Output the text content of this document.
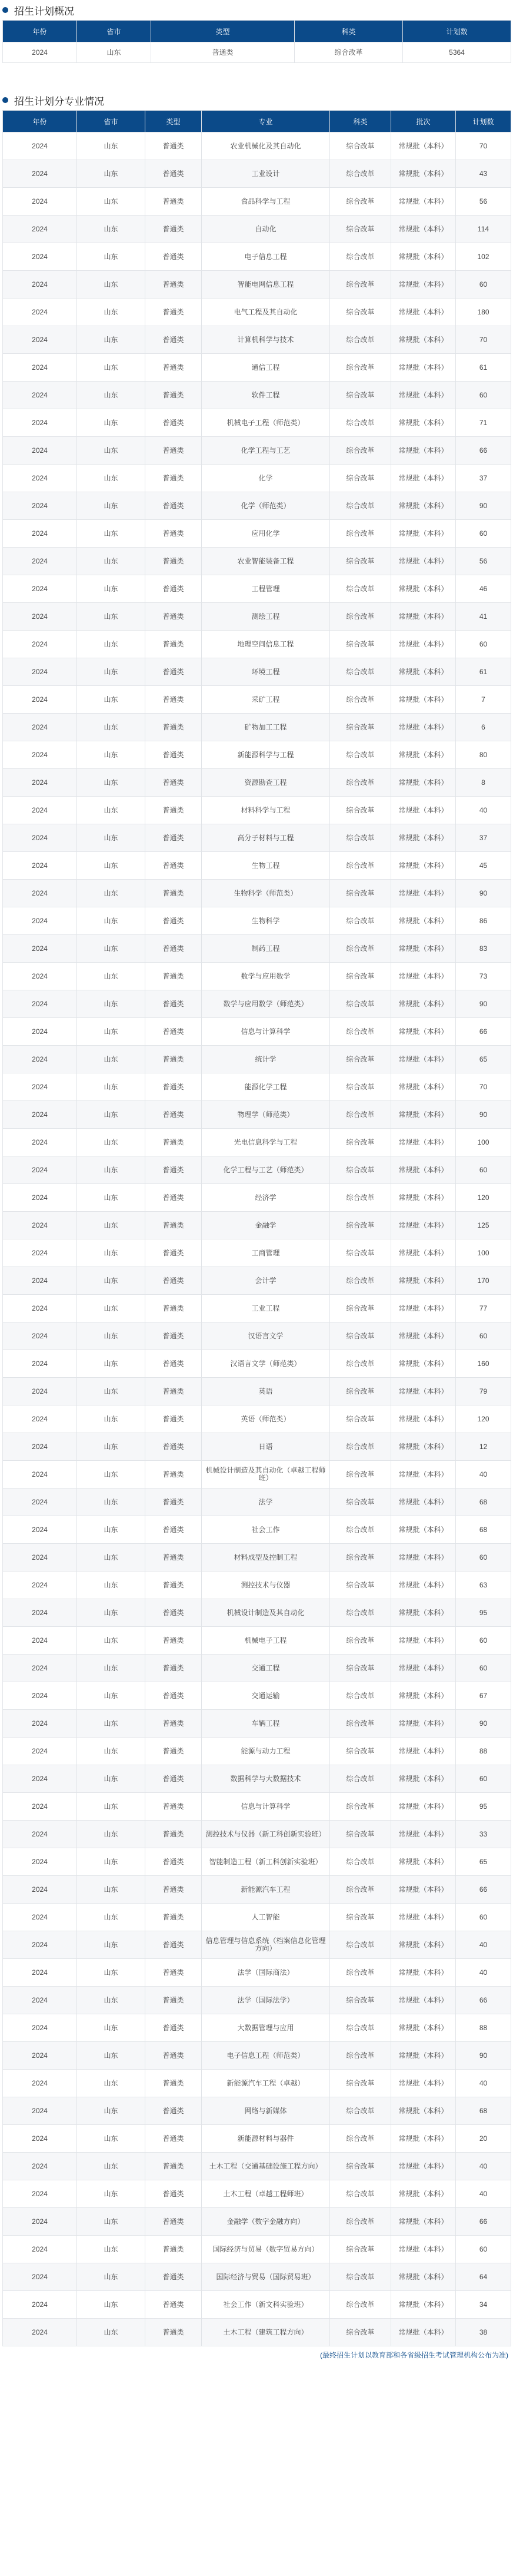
招生计划概况
年份	省市	类型	科类	计划数
2024	山东	普通类	综合改革	5364
招生计划分专业情况
年份	省市	类型	专业	科类	批次	计划数
2024	山东	普通类	农业机械化及其自动化	综合改革	常规批（本科）	70
2024	山东	普通类	工业设计	综合改革	常规批（本科）	43
2024	山东	普通类	食品科学与工程	综合改革	常规批（本科）	56
2024	山东	普通类	自动化	综合改革	常规批（本科）	114
2024	山东	普通类	电子信息工程	综合改革	常规批（本科）	102
2024	山东	普通类	智能电网信息工程	综合改革	常规批（本科）	60
2024	山东	普通类	电气工程及其自动化	综合改革	常规批（本科）	180
2024	山东	普通类	计算机科学与技术	综合改革	常规批（本科）	70
2024	山东	普通类	通信工程	综合改革	常规批（本科）	61
2024	山东	普通类	软件工程	综合改革	常规批（本科）	60
2024	山东	普通类	机械电子工程（师范类）	综合改革	常规批（本科）	71
2024	山东	普通类	化学工程与工艺	综合改革	常规批（本科）	66
2024	山东	普通类	化学	综合改革	常规批（本科）	37
2024	山东	普通类	化学（师范类）	综合改革	常规批（本科）	90
2024	山东	普通类	应用化学	综合改革	常规批（本科）	60
2024	山东	普通类	农业智能装备工程	综合改革	常规批（本科）	56
2024	山东	普通类	工程管理	综合改革	常规批（本科）	46
2024	山东	普通类	测绘工程	综合改革	常规批（本科）	41
2024	山东	普通类	地理空间信息工程	综合改革	常规批（本科）	60
2024	山东	普通类	环境工程	综合改革	常规批（本科）	61
2024	山东	普通类	采矿工程	综合改革	常规批（本科）	7
2024	山东	普通类	矿物加工工程	综合改革	常规批（本科）	6
2024	山东	普通类	新能源科学与工程	综合改革	常规批（本科）	80
2024	山东	普通类	资源勘查工程	综合改革	常规批（本科）	8
2024	山东	普通类	材料科学与工程	综合改革	常规批（本科）	40
2024	山东	普通类	高分子材料与工程	综合改革	常规批（本科）	37
2024	山东	普通类	生物工程	综合改革	常规批（本科）	45
2024	山东	普通类	生物科学（师范类）	综合改革	常规批（本科）	90
2024	山东	普通类	生物科学	综合改革	常规批（本科）	86
2024	山东	普通类	制药工程	综合改革	常规批（本科）	83
2024	山东	普通类	数学与应用数学	综合改革	常规批（本科）	73
2024	山东	普通类	数学与应用数学（师范类）	综合改革	常规批（本科）	90
2024	山东	普通类	信息与计算科学	综合改革	常规批（本科）	66
2024	山东	普通类	统计学	综合改革	常规批（本科）	65
2024	山东	普通类	能源化学工程	综合改革	常规批（本科）	70
2024	山东	普通类	物理学（师范类）	综合改革	常规批（本科）	90
2024	山东	普通类	光电信息科学与工程	综合改革	常规批（本科）	100
2024	山东	普通类	化学工程与工艺（师范类）	综合改革	常规批（本科）	60
2024	山东	普通类	经济学	综合改革	常规批（本科）	120
2024	山东	普通类	金融学	综合改革	常规批（本科）	125
2024	山东	普通类	工商管理	综合改革	常规批（本科）	100
2024	山东	普通类	会计学	综合改革	常规批（本科）	170
2024	山东	普通类	工业工程	综合改革	常规批（本科）	77
2024	山东	普通类	汉语言文学	综合改革	常规批（本科）	60
2024	山东	普通类	汉语言文学（师范类）	综合改革	常规批（本科）	160
2024	山东	普通类	英语	综合改革	常规批（本科）	79
2024	山东	普通类	英语（师范类）	综合改革	常规批（本科）	120
2024	山东	普通类	日语	综合改革	常规批（本科）	12
2024	山东	普通类	机械设计制造及其自动化（卓越工程师班）	综合改革	常规批（本科）	40
2024	山东	普通类	法学	综合改革	常规批（本科）	68
2024	山东	普通类	社会工作	综合改革	常规批（本科）	68
2024	山东	普通类	材料成型及控制工程	综合改革	常规批（本科）	60
2024	山东	普通类	测控技术与仪器	综合改革	常规批（本科）	63
2024	山东	普通类	机械设计制造及其自动化	综合改革	常规批（本科）	95
2024	山东	普通类	机械电子工程	综合改革	常规批（本科）	60
2024	山东	普通类	交通工程	综合改革	常规批（本科）	60
2024	山东	普通类	交通运输	综合改革	常规批（本科）	67
2024	山东	普通类	车辆工程	综合改革	常规批（本科）	90
2024	山东	普通类	能源与动力工程	综合改革	常规批（本科）	88
2024	山东	普通类	数据科学与大数据技术	综合改革	常规批（本科）	60
2024	山东	普通类	信息与计算科学	综合改革	常规批（本科）	95
2024	山东	普通类	测控技术与仪器（新工科创新实验班）	综合改革	常规批（本科）	33
2024	山东	普通类	智能制造工程（新工科创新实验班）	综合改革	常规批（本科）	65
2024	山东	普通类	新能源汽车工程	综合改革	常规批（本科）	66
2024	山东	普通类	人工智能	综合改革	常规批（本科）	60
2024	山东	普通类	信息管理与信息系统（档案信息化管理方向）	综合改革	常规批（本科）	40
2024	山东	普通类	法学（国际商法）	综合改革	常规批（本科）	40
2024	山东	普通类	法学（国际法学）	综合改革	常规批（本科）	66
2024	山东	普通类	大数据管理与应用	综合改革	常规批（本科）	88
2024	山东	普通类	电子信息工程（师范类）	综合改革	常规批（本科）	90
2024	山东	普通类	新能源汽车工程（卓越）	综合改革	常规批（本科）	40
2024	山东	普通类	网络与新媒体	综合改革	常规批（本科）	68
2024	山东	普通类	新能源材料与器件	综合改革	常规批（本科）	20
2024	山东	普通类	土木工程（交通基础设施工程方向）	综合改革	常规批（本科）	40
2024	山东	普通类	土木工程（卓越工程师班）	综合改革	常规批（本科）	40
2024	山东	普通类	金融学（数字金融方向）	综合改革	常规批（本科）	66
2024	山东	普通类	国际经济与贸易（数字贸易方向）	综合改革	常规批（本科）	60
2024	山东	普通类	国际经济与贸易（国际贸易班）	综合改革	常规批（本科）	64
2024	山东	普通类	社会工作（新文科实验班）	综合改革	常规批（本科）	34
2024	山东	普通类	土木工程（建筑工程方向）	综合改革	常规批（本科）	38
(最终招生计划以教育部和各省级招生考试管理机构公布为准)
